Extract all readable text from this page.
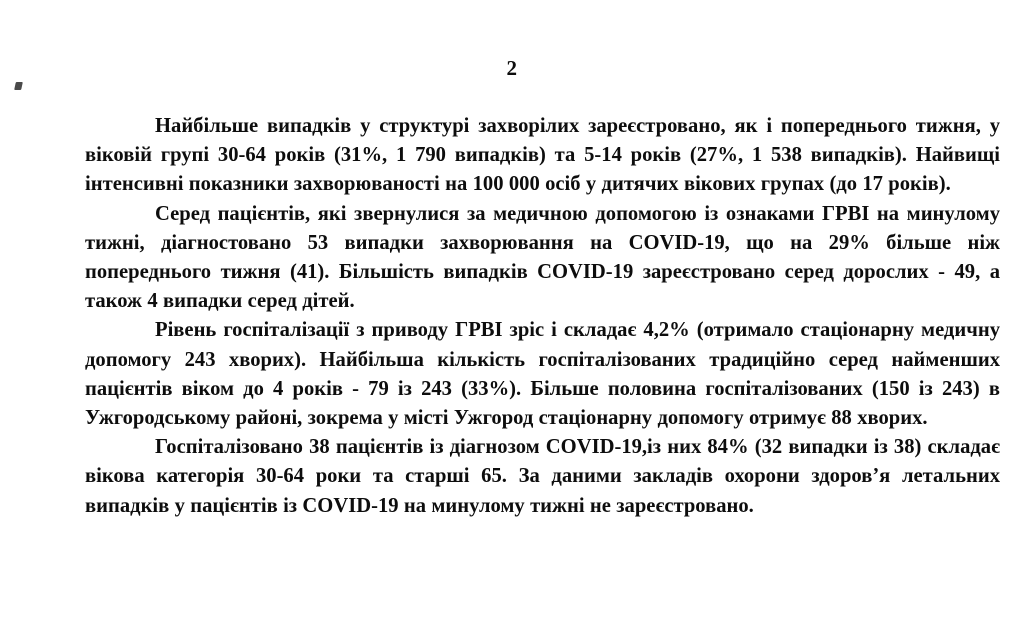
2

Найбільше випадків у структурі захворілих зареєстровано, як і попереднього тижня, у віковій групі 30-64 років (31%, 1 790 випадків) та 5-14 років (27%, 1 538 випадків). Найвищі інтенсивні показники захворюваності на 100 000 осіб у дитячих вікових групах (до 17 років).

Серед пацієнтів, які звернулися за медичною допомогою із ознаками ГРВІ на минулому тижні, діагностовано 53 випадки захворювання на COVID-19, що на 29% більше ніж попереднього тижня (41). Більшість випадків COVID-19 зареєстровано серед дорослих - 49, а також 4 випадки серед дітей.

Рівень госпіталізації з приводу ГРВІ зріс і складає 4,2% (отримало стаціонарну медичну допомогу 243 хворих). Найбільша кількість госпіталізованих традиційно серед найменших пацієнтів віком до 4 років - 79 із 243 (33%). Більше половина госпіталізованих (150 із 243) в Ужгородському районі, зокрема у місті Ужгород стаціонарну допомогу отримує 88 хворих.

Госпіталізовано 38 пацієнтів із діагнозом COVID-19,із них 84% (32 випадки із 38) складає вікова категорія 30-64 роки та старші 65. За даними закладів охорони здоров’я летальних випадків у пацієнтів із COVID-19 на минулому тижні не зареєстровано.
